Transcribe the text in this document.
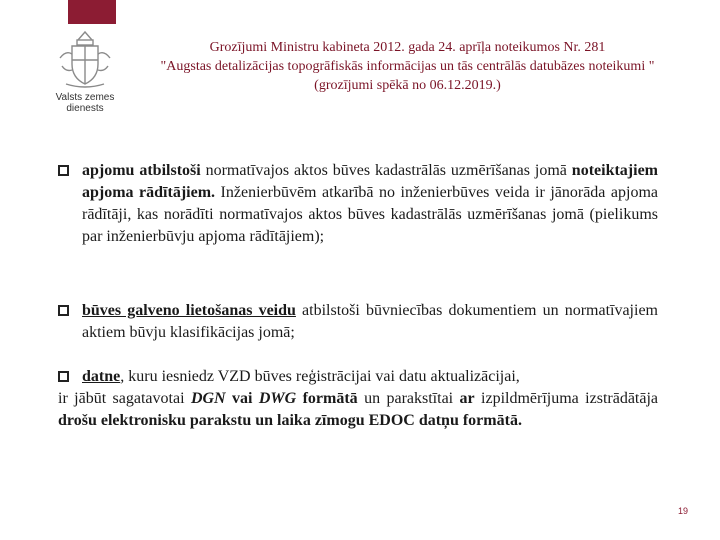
Valsts zemes
dienests
Grozījumi Ministru kabineta 2012. gada 24. aprīļa noteikumos Nr. 281
"Augstas detalizācijas topogrāfiskās informācijas un tās centrālās datubāzes noteikumi "
(grozījumi spēkā no 06.12.2019.)
apjomu atbilstoši normatīvajos aktos būves kadastrālās uzmērīšanas jomā noteiktajiem apjoma rādītājiem. Inženierbūvēm atkarībā no inženierbūves veida ir jānorāda apjoma rādītāji, kas norādīti normatīvajos aktos būves kadastrālās uzmērīšanas jomā (pielikums par inženierbūvju apjoma rādītājiem);
būves galveno lietošanas veidu atbilstoši būvniecības dokumentiem un normatīvajiem aktiem būvju klasifikācijas jomā;
datne, kuru iesniedz VZD būves reģistrācijai vai datu aktualizācijai,

ir jābūt sagatavotai DGN vai DWG formātā un parakstītai ar izpildmērījuma izstrādātāja drošu elektronisku parakstu un laika zīmogu EDOC datņu formātā.

19
